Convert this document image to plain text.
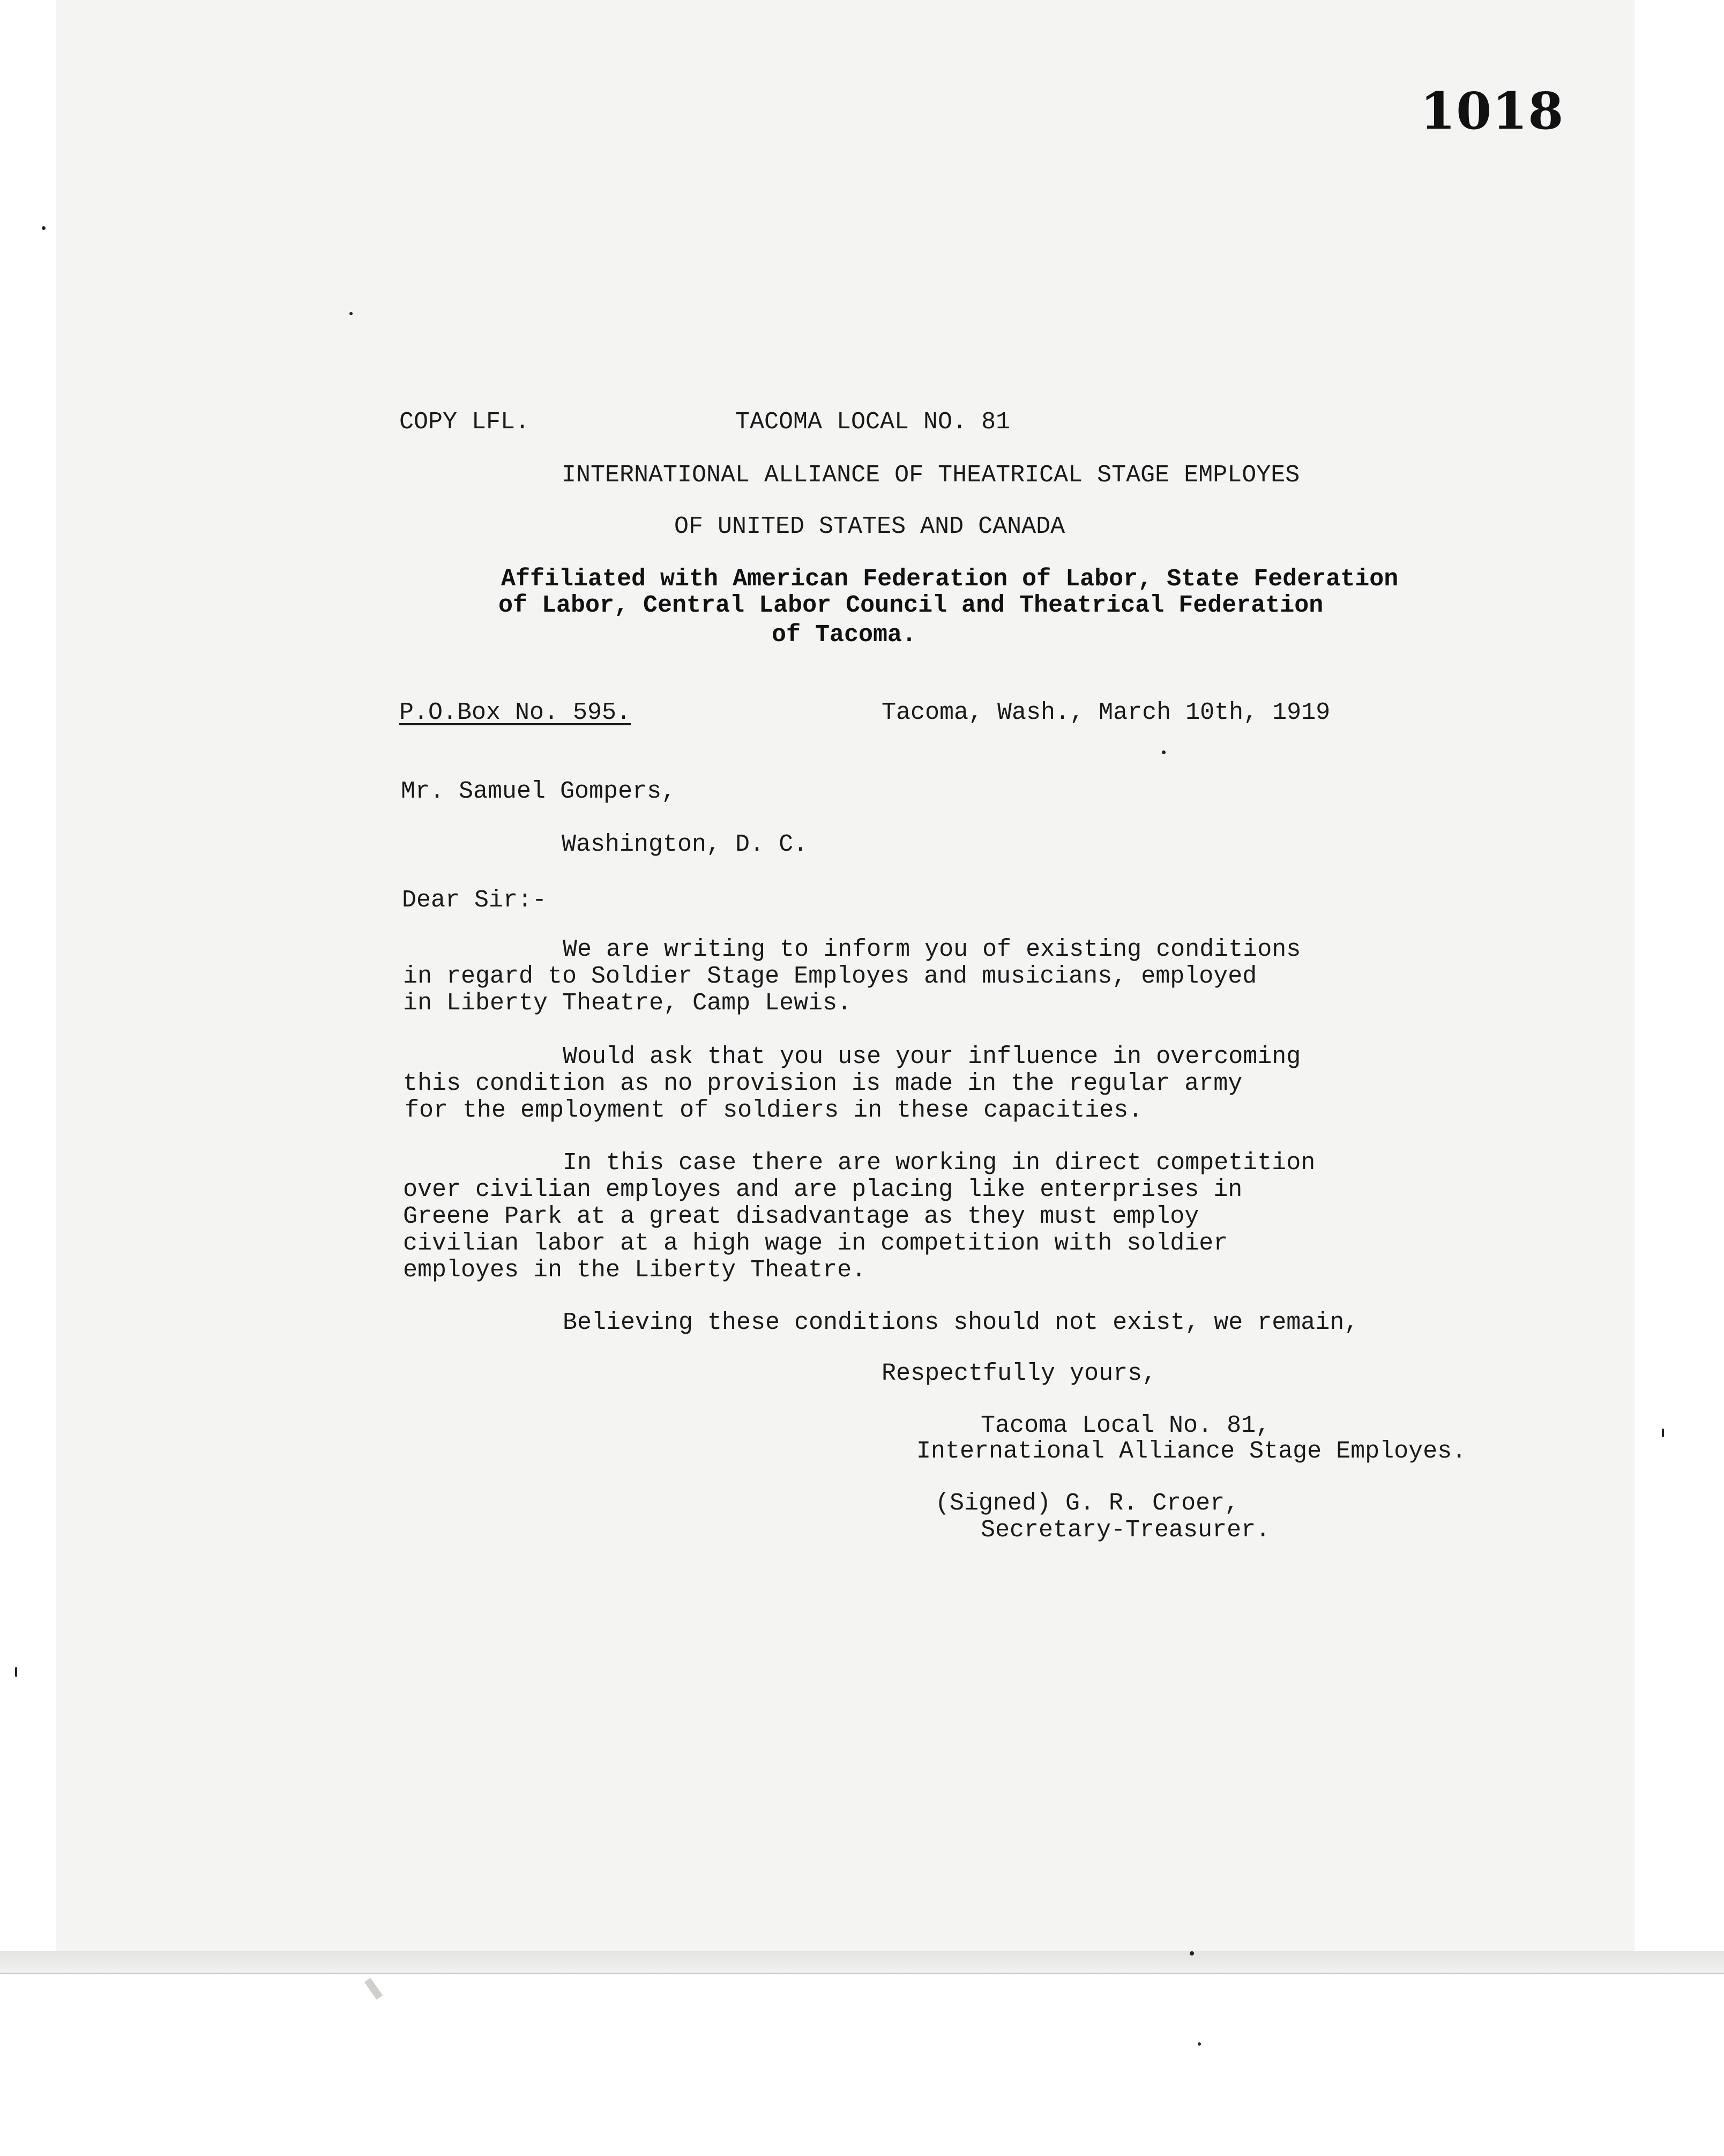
1018
COPY LFL.	TACOMA LOCAL NO. 81
INTERNATIONAL ALLIANCE OF THEATRICAL STAGE EMPLOYES
OF UNITED STATES AND CANADA
Affiliated with American Federation of Labor, State Federation
of Labor, Central Labor Council and Theatrical Federation
of Tacoma.
P.O.Box No. 595.	Tacoma, Wash., March 10th, 1919
Mr. Samuel Gompers,
Washington, D. C.
Dear Sir:-
We are writing to inform you of existing conditions
in regard to Soldier Stage Employes and musicians, employed
in Liberty Theatre, Camp Lewis.
Would ask that you use your influence in overcoming
this condition as no provision is made in the regular army
for the employment of soldiers in these capacities.
In this case there are working in direct competition
over civilian employes and are placing like enterprises in
Greene Park at a great disadvantage as they must employ
civilian labor at a high wage in competition with soldier
employes in the Liberty Theatre.
Believing these conditions should not exist, we remain,
Respectfully yours,
Tacoma Local No. 81,
International Alliance Stage Employes.
(Signed) G. R. Croer,
Secretary-Treasurer.
